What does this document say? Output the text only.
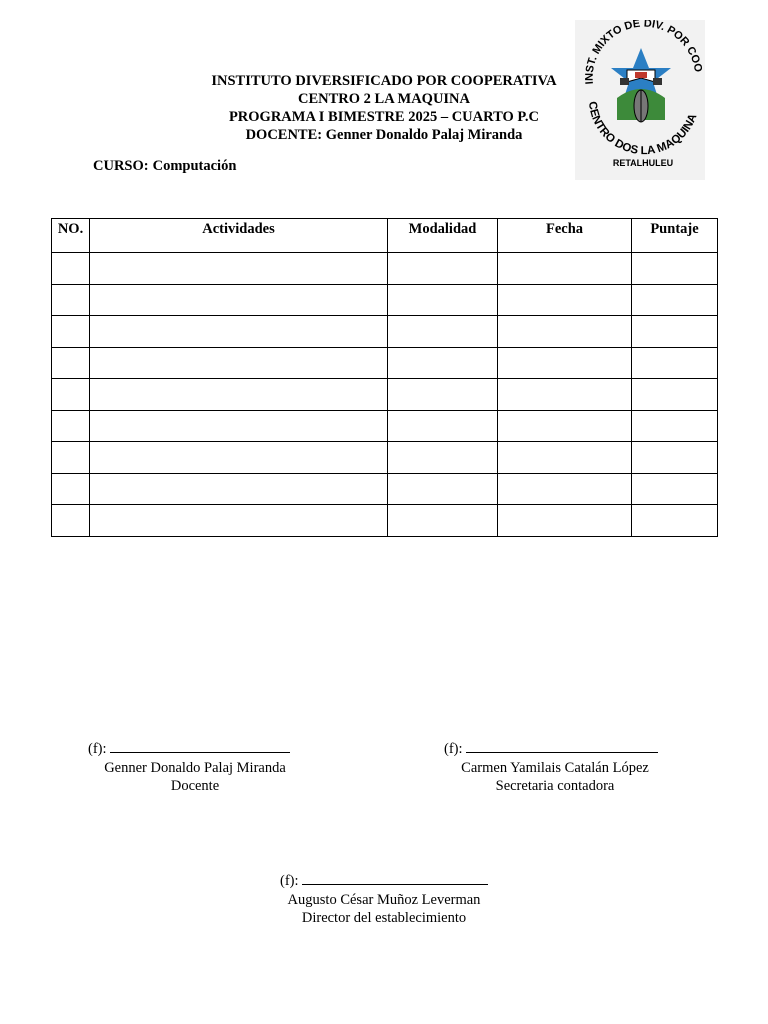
INSTITUTO DIVERSIFICADO POR COOPERATIVA
CENTRO 2 LA MAQUINA
PROGRAMA I BIMESTRE 2025 – CUARTO P.C
DOCENTE: Genner Donaldo Palaj Miranda
CURSO: Computación
INST. MIXTO DE DIV. POR COO
CENTRO DOS LA MAQUINA
RETALHULEU
NO.	Actividades	Modalidad	Fecha	Puntaje

(f):
Genner Donaldo Palaj Miranda
Docente
(f):
Carmen Yamilais Catalán López
Secretaria contadora
(f):
Augusto César Muñoz Leverman
Director del establecimiento
